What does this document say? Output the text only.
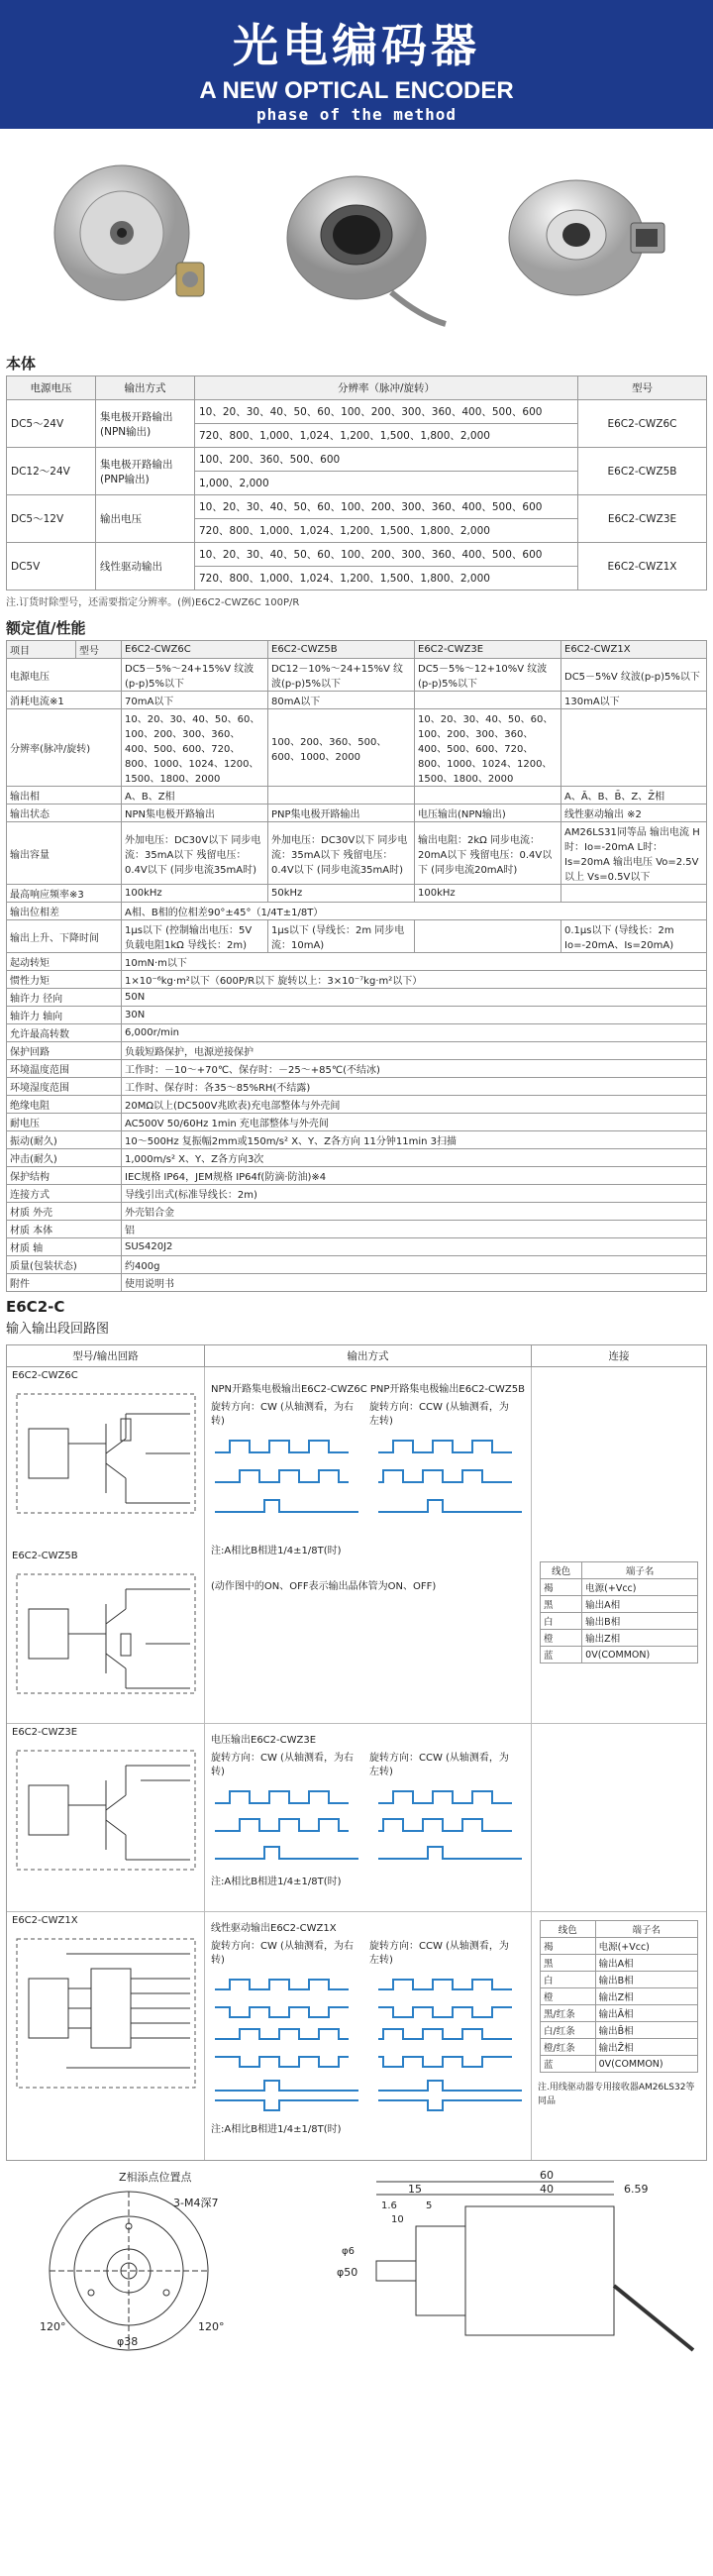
光电编码器
A NEW OPTICAL ENCODER
phase of the method
本体
电源电压	输出方式	分辨率（脉冲/旋转）	型号
DC5～24V	集电极开路输出(NPN输出)	10、20、30、40、50、60、100、200、300、360、400、500、600	E6C2-CWZ6C
		720、800、1,000、1,024、1,200、1,500、1,800、2,000	
DC12～24V	集电极开路输出(PNP输出)	100、200、360、500、600	E6C2-CWZ5B
		1,000、2,000	
DC5～12V	输出电压	10、20、30、40、50、60、100、200、300、360、400、500、600	E6C2-CWZ3E
		720、800、1,000、1,024、1,200、1,500、1,800、2,000	
DC5V	线性驱动输出	10、20、30、40、50、60、100、200、300、360、400、500、600	E6C2-CWZ1X
		720、800、1,000、1,024、1,200、1,500、1,800、2,000	
注.订货时除型号，还需要指定分辨率。(例)E6C2-CWZ6C 100P/R
额定值/性能
项目	型号	E6C2-CWZ6C	E6C2-CWZ5B	E6C2-CWZ3E	E6C2-CWZ1X
电源电压		DC5－5%～24+15%V 纹波(p-p)5%以下	DC12－10%～24+15%V 纹波(p-p)5%以下	DC5－5%～12+10%V 纹波(p-p)5%以下	DC5－5%V 纹波(p-p)5%以下
消耗电流※1		70mA以下	80mA以下		130mA以下
分辨率(脉冲/旋转)		10、20、30、40、50、60、100、200、300、360、400、500、600、720、800、1000、1024、1200、1500、1800、2000	100、200、360、500、600、1000、2000	10、20、30、40、50、60、100、200、300、360、400、500、600、720、800、1000、1024、1200、1500、1800、2000	
输出相		A、B、Z相			A、Ā、B、B̄、Z、Z̄相
输出状态		NPN集电极开路输出	PNP集电极开路输出	电压输出(NPN输出)	线性驱动输出 ※2
输出容量		外加电压：DC30V以下 同步电流：35mA以下 残留电压：0.4V以下 (同步电流35mA时)	外加电压：DC30V以下 同步电流：35mA以下 残留电压：0.4V以下 (同步电流35mA时)	输出电阻：2kΩ 同步电流：20mA以下 残留电压：0.4V以下 (同步电流20mA时)	AM26LS31同等品 输出电流 H时：Io=-20mA L时：Is=20mA 输出电压 Vo=2.5V以上 Vs=0.5V以下
最高响应频率※3		100kHz	50kHz	100kHz	
输出位相差		A相、B相的位相差90°±45°（1/4T±1/8T）			
输出上升、下降时间		1μs以下 (控制输出电压：5V 负载电阻1kΩ 导线长：2m)	1μs以下 (导线长：2m 同步电流：10mA)		0.1μs以下 (导线长：2m Io=-20mA、Is=20mA)
起动转矩		10mN·m以下			
惯性力矩		1×10⁻⁶kg·m²以下（600P/R以下 旋转以上：3×10⁻⁷kg·m²以下）			
轴许力 径向		50N			
轴许力 轴向		30N			
允许最高转数		6,000r/min			
保护回路		负载短路保护，电源逆接保护			
环境温度范围		工作时：－10～+70℃、保存时：－25～+85℃(不结冰)			
环境湿度范围		工作时、保存时：各35～85%RH(不结露)			
绝缘电阻		20MΩ以上(DC500V兆欧表)充电部整体与外壳间			
耐电压		AC500V 50/60Hz 1min 充电部整体与外壳间			
振动(耐久)		10～500Hz 复振幅2mm或150m/s² X、Y、Z各方向 11分钟11min 3扫描			
冲击(耐久)		1,000m/s² X、Y、Z各方向3次			
保护结构		IEC规格 IP64，JEM规格 IP64f(防滴·防油)※4			
连接方式		导线引出式(标准导线长：2m)			
材质 外壳		外壳铝合金			
材质 本体		铝			
材质 轴		SUS420J2			
质量(包装状态)		约400g			
附件		使用说明书			
E6C2-C
输入输出段回路图
型号/输出回路	输出方式	连接
E6C2-CWZ6C
E6C2-CWZ5B
NPN开路集电极输出E6C2-CWZ6C PNP开路集电极输出E6C2-CWZ5B
旋转方向：CW (从轴测看，为右转)
旋转方向：CCW (从轴测看，为左转)
注:A相比B相进1/4±1/8T(时)
(动作图中的ON、OFF表示输出晶体管为ON、OFF)
线色	端子名
褐	电源(+Vcc)
黑	输出A相
白	输出B相
橙	输出Z相
蓝	0V(COMMON)
E6C2-CWZ3E
电压输出E6C2-CWZ3E
旋转方向：CW (从轴测看，为右转)
旋转方向：CCW (从轴测看，为左转)
注:A相比B相进1/4±1/8T(时)
E6C2-CWZ1X
线性驱动输出E6C2-CWZ1X
旋转方向：CW (从轴测看，为右转)
旋转方向：CCW (从轴测看，为左转)
注:A相比B相进1/4±1/8T(时)
线色	端子名
褐	电源(+Vcc)
黑	输出A相
白	输出B相
橙	输出Z相
黑/红条	输出Ā相
白/红条	输出B̄相
橙/红条	输出Z̄相
蓝	0V(COMMON)
注.用线驱动器专用接收器AM26LS32等同品
Z相添点位置点
3-M4深7
120°	120°
φ38
60
15	40	6.59
1.6	5
10
φ50
φ6
